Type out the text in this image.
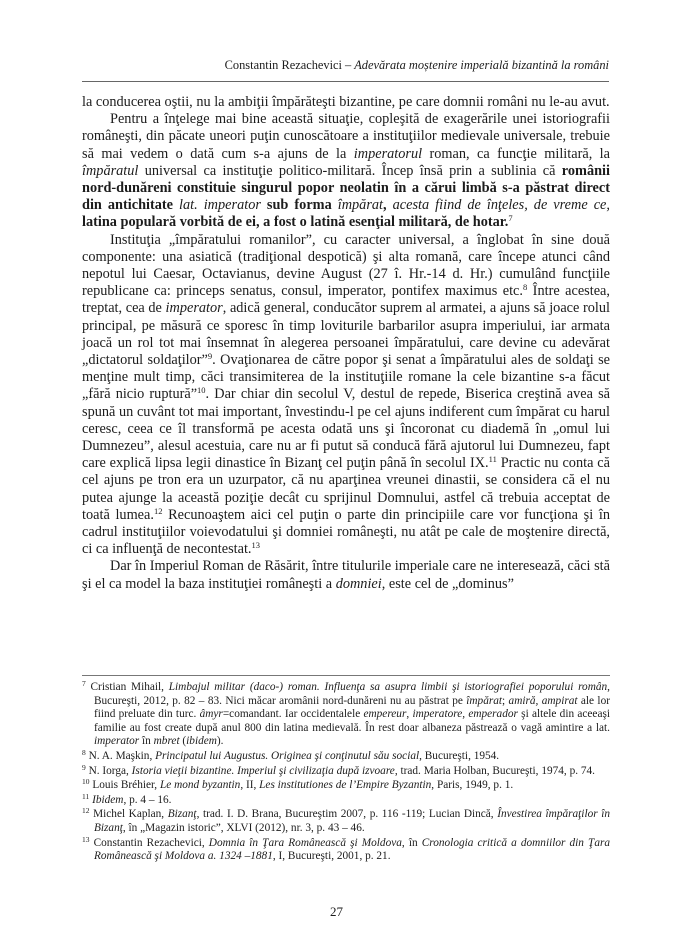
Constantin Rezachevici – Adevărata moștenire imperială bizantină la români

la conducerea oştii, nu la ambiţii împărăteşti bizantine, pe care domnii români nu le-au avut.

Pentru a înţelege mai bine această situaţie, copleşită de exagerările unei istoriografii româneşti, din păcate uneori puţin cunoscătoare a instituţiilor medievale universale, trebuie să mai vedem o dată cum s-a ajuns de la imperatorul roman, ca funcţie militară, la împăratul universal ca instituţie politico-militară. Încep însă prin a sublinia că românii nord-dunăreni constituie singurul popor neolatin în a cărui limbă s-a păstrat direct din antichitate lat. imperator sub forma împărat, acesta fiind de înţeles, de vreme ce, latina populară vorbită de ei, a fost o latină esenţial militară, de hotar.$^7$

Instituţia „împăratului romanilor”, cu caracter universal, a înglobat în sine două componente: una asiatică (tradiţional despotică) şi alta romană, care începe atunci când nepotul lui Caesar, Octavianus, devine August (27 î. Hr.-14 d. Hr.) cumulând funcţiile republicane ca: princeps senatus, consul, imperator, pontifex maximus etc.$^8$ Între acestea, treptat, cea de imperator, adică general, conducător suprem al armatei, a ajuns să joace rolul principal, pe măsură ce sporesc în timp loviturile barbarilor asupra imperiului, iar armata joacă un rol tot mai însemnat în alegerea persoanei împăratului, care devine cu adevărat „dictatorul soldaţilor”$^9$. Ovaţionarea de către popor şi senat a împăratului ales de soldaţi se menţine mult timp, căci transimiterea de la instituţiile romane la cele bizantine s-a făcut „fără nicio ruptură”$^{10}$. Dar chiar din secolul V, destul de repede, Biserica creştină avea să spună un cuvânt tot mai important, învestindu-l pe cel ajuns indiferent cum împărat cu harul ceresc, ceea ce îl transformă pe acesta odată uns şi încoronat cu diademă în „omul lui Dumnezeu”, alesul acestuia, care nu ar fi putut să conducă fără ajutorul lui Dumnezeu, fapt care explică lipsa legii dinastice în Bizanţ cel puţin până în secolul IX.$^{11}$ Practic nu conta că cel ajuns pe tron era un uzurpator, că nu aparţinea vreunei dinastii, se considera că el nu putea ajunge la această poziţie decât cu sprijinul Domnului, astfel că trebuia acceptat de toată lumea.$^{12}$ Recunoaştem aici cel puţin o parte din principiile care vor funcţiona şi în cadrul instituţiilor voievodatului şi domniei româneşti, nu atât pe cale de moştenire directă, ci ca influenţă de necontestat.$^{13}$

Dar în Imperiul Roman de Răsărit, între titulurile imperiale care ne interesează, căci stă şi el ca model la baza instituţiei româneşti a domniei, este cel de „dominus”

$^7$ Cristian Mihail, Limbajul militar (daco-) roman. Influenţa sa asupra limbii şi istoriografiei poporului român, Bucureşti, 2012, p. 82 – 83. Nici măcar aromânii nord-dunăreni nu au păstrat pe împărat; amiră, ampirat ale lor fiind preluate din turc. âmyr=comandant. Iar occidentalele empereur, imperatore, emperador şi altele din aceeaşi familie au fost create după anul 800 din latina medievală. În rest doar albaneza păstrează o vagă amintire a lat. imperator în mbret (ibidem).

$^8$ N. A. Maşkin, Principatul lui Augustus. Originea şi conţinutul său social, Bucureşti, 1954.

$^9$ N. Iorga, Istoria vieţii bizantine. Imperiul şi civilizaţia după izvoare, trad. Maria Holban, Bucureşti, 1974, p. 74.

$^{10}$ Louis Bréhier, Le mond byzantin, II, Les institutiones de l’Empire Byzantin, Paris, 1949, p. 1.

$^{11}$ Ibidem, p. 4 – 16.

$^{12}$ Michel Kaplan, Bizanţ, trad. I. D. Brana, Bucureştim 2007, p. 116 -119; Lucian Dincă, Învestirea împăraţilor în Bizanţ, în „Magazin istoric”, XLVI (2012), nr. 3, p. 43 – 46.

$^{13}$ Constantin Rezachevici, Domnia în Ţara Românească şi Moldova, în Cronologia critică a domniilor din Ţara Românească şi Moldova a. 1324 –1881, I, Bucureşti, 2001, p. 21.

27
